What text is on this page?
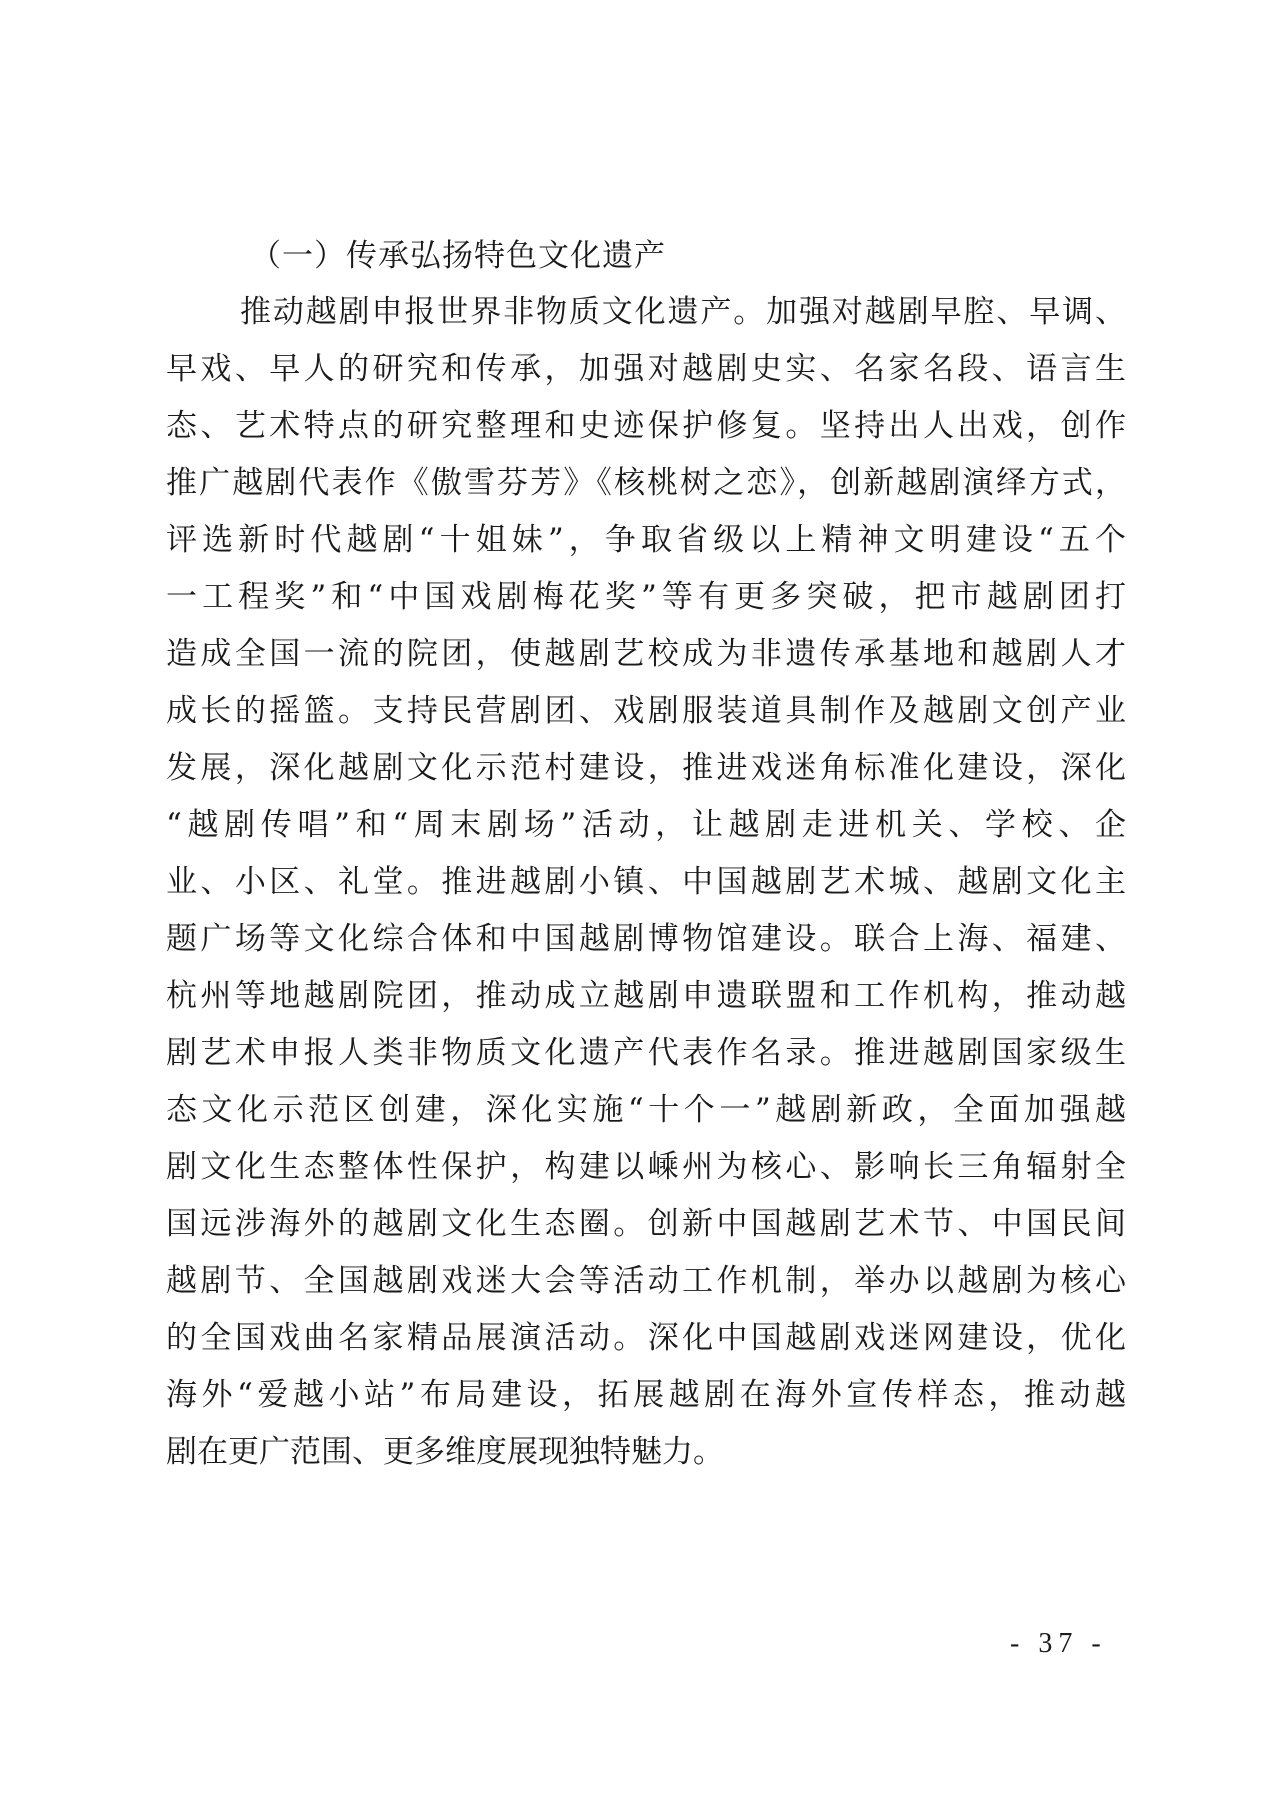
（一）传承弘扬特色文化遗产
推动越剧申报世界非物质文化遗产。加强对越剧早腔、早调、
早戏、早人的研究和传承，加强对越剧史实、名家名段、语言生
态、艺术特点的研究整理和史迹保护修复。坚持出人出戏，创作
推广越剧代表作《傲雪芬芳》《核桃树之恋》，创新越剧演绎方式，
评选新时代越剧“十姐妹”，争取省级以上精神文明建设“五个
一工程奖”和“中国戏剧梅花奖”等有更多突破，把市越剧团打
造成全国一流的院团，使越剧艺校成为非遗传承基地和越剧人才
成长的摇篮。支持民营剧团、戏剧服装道具制作及越剧文创产业
发展，深化越剧文化示范村建设，推进戏迷角标准化建设，深化
“越剧传唱”和“周末剧场”活动，让越剧走进机关、学校、企
业、小区、礼堂。推进越剧小镇、中国越剧艺术城、越剧文化主
题广场等文化综合体和中国越剧博物馆建设。联合上海、福建、
杭州等地越剧院团，推动成立越剧申遗联盟和工作机构，推动越
剧艺术申报人类非物质文化遗产代表作名录。推进越剧国家级生
态文化示范区创建，深化实施“十个一”越剧新政，全面加强越
剧文化生态整体性保护，构建以嵊州为核心、影响长三角辐射全
国远涉海外的越剧文化生态圈。创新中国越剧艺术节、中国民间
越剧节、全国越剧戏迷大会等活动工作机制，举办以越剧为核心
的全国戏曲名家精品展演活动。深化中国越剧戏迷网建设，优化
海外“爱越小站”布局建设，拓展越剧在海外宣传样态，推动越
剧在更广范围、更多维度展现独特魅力。
- 37 -
